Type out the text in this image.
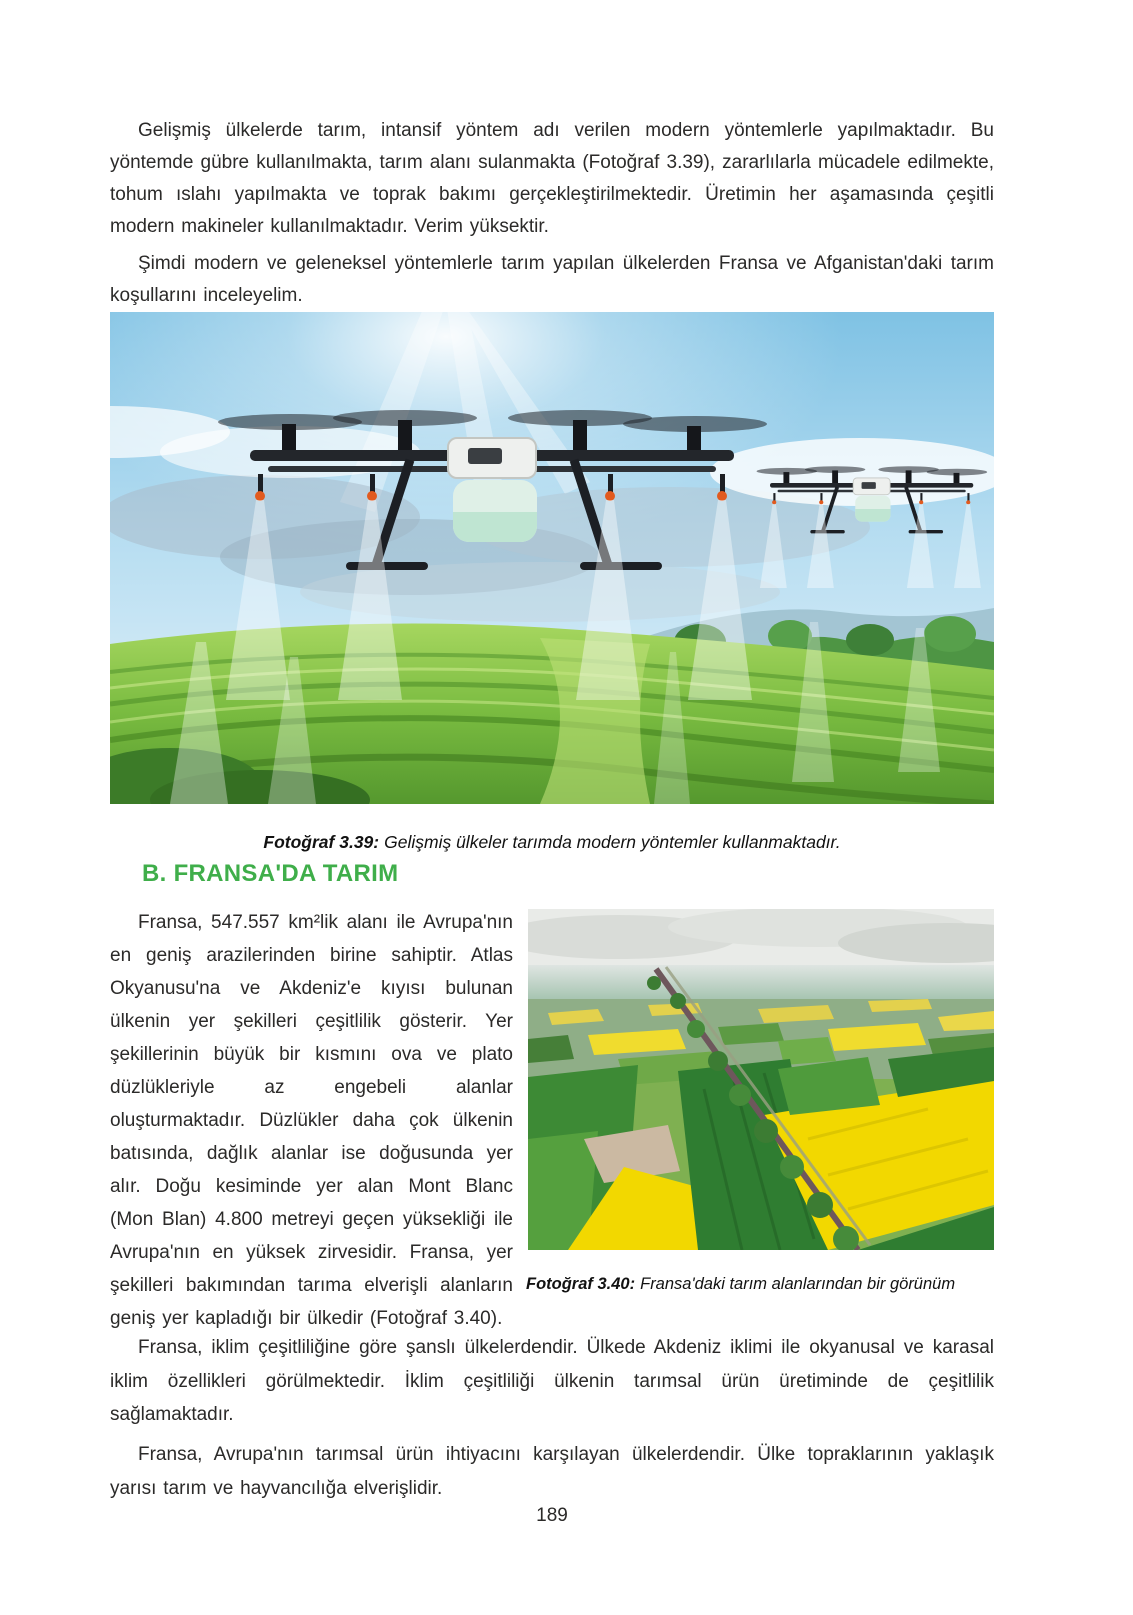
Gelişmiş ülkelerde tarım, intansif yöntem adı verilen modern yöntemlerle yapılmaktadır. Bu yöntemde gübre kullanılmakta, tarım alanı sulanmakta (Fotoğraf 3.39), zararlılarla mücadele edilmekte, tohum ıslahı yapılmakta ve toprak bakımı gerçekleştirilmektedir. Üretimin her aşamasında çeşitli modern makineler kullanılmaktadır. Verim yüksektir.

Şimdi modern ve geleneksel yöntemlerle tarım yapılan ülkelerden Fransa ve Afganistan'daki tarım koşullarını inceleyelim.

Fotoğraf 3.39: Gelişmiş ülkeler tarımda modern yöntemler kullanmaktadır.

B. FRANSA'DA TARIM

Fransa, 547.557 km²lik alanı ile Avrupa'nın en geniş arazilerinden birine sahiptir. Atlas Okyanusu'na ve Akdeniz'e kıyısı bulunan ülkenin yer şekilleri çeşitlilik gösterir. Yer şekillerinin büyük bir kısmını ova ve plato düzlükleriyle az engebeli alanlar oluşturmaktadır. Düzlükler daha çok ülkenin batısında, dağlık alanlar ise doğusunda yer alır. Doğu kesiminde yer alan Mont Blanc (Mon Blan) 4.800 metreyi geçen yüksekliği ile Avrupa'nın en yüksek zirvesidir. Fransa, yer şekilleri bakımından tarıma elverişli alanların geniş yer kapladığı bir ülkedir (Fotoğraf 3.40).

Fotoğraf 3.40: Fransa'daki tarım alanlarından bir görünüm

Fransa, iklim çeşitliliğine göre şanslı ülkelerdendir. Ülkede Akdeniz iklimi ile okyanusal ve karasal iklim özellikleri görülmektedir. İklim çeşitliliği ülkenin tarımsal ürün üretiminde de çeşitlilik sağlamaktadır.

Fransa, Avrupa'nın tarımsal ürün ihtiyacını karşılayan ülkelerdendir. Ülke topraklarının yaklaşık yarısı tarım ve hayvancılığa elverişlidir.

189
